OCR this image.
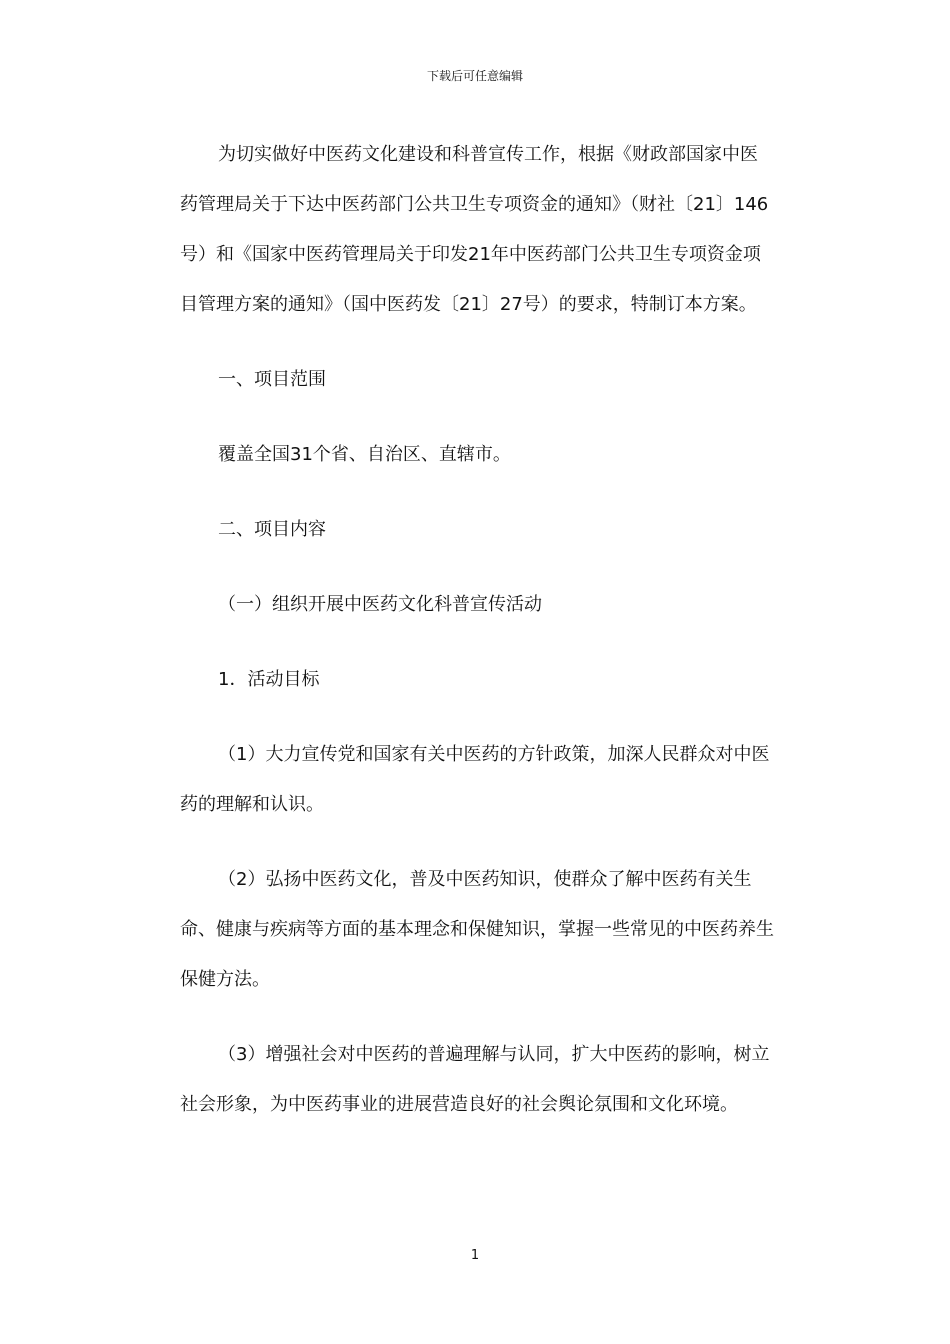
下载后可任意编辑

为切实做好中医药文化建设和科普宣传工作，根据《财政部国家中医药管理局关于下达中医药部门公共卫生专项资金的通知》（财社〔21〕146号）和《国家中医药管理局关于印发21年中医药部门公共卫生专项资金项目管理方案的通知》（国中医药发〔21〕27号）的要求，特制订本方案。

一、项目范围

覆盖全国31个省、自治区、直辖市。

二、项目内容

（一）组织开展中医药文化科普宣传活动

1．活动目标

（1）大力宣传党和国家有关中医药的方针政策，加深人民群众对中医药的理解和认识。

（2）弘扬中医药文化，普及中医药知识，使群众了解中医药有关生命、健康与疾病等方面的基本理念和保健知识，掌握一些常见的中医药养生保健方法。

（3）增强社会对中医药的普遍理解与认同，扩大中医药的影响，树立社会形象，为中医药事业的进展营造良好的社会舆论氛围和文化环境。

1
